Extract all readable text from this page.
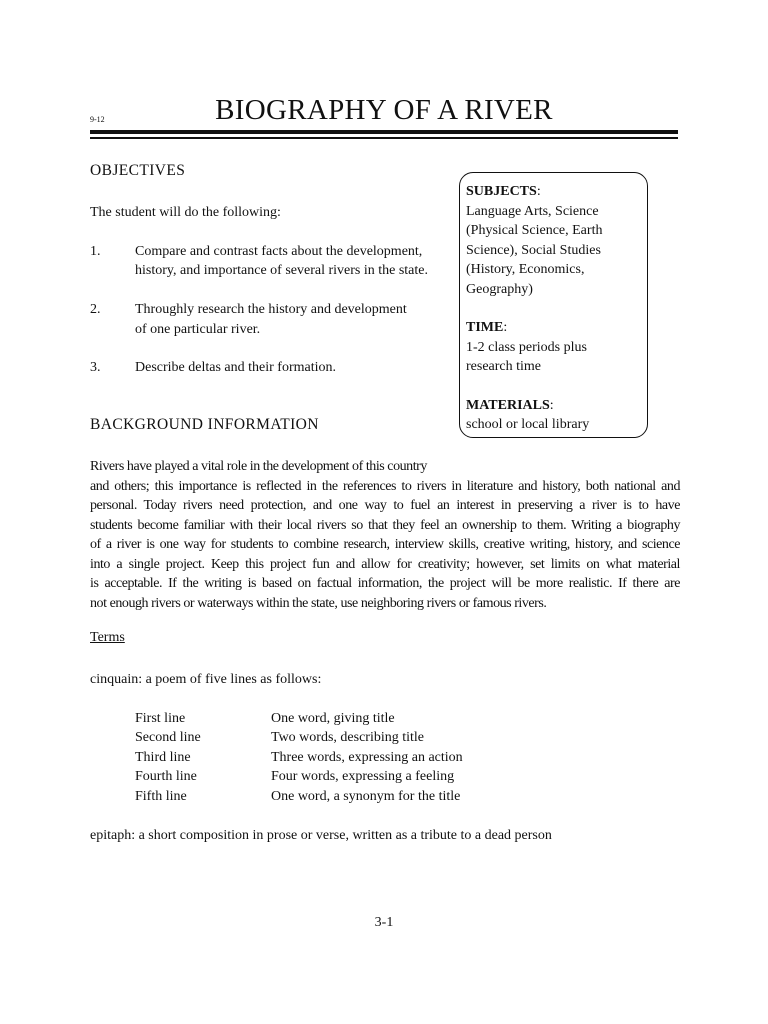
9-12	BIOGRAPHY OF A RIVER
OBJECTIVES
The student will do the following:
1. Compare and contrast facts about the development,
history, and importance of several rivers in the state.
2. Throughly research the history and development
of one particular river.
3. Describe deltas and their formation.
SUBJECTS:
Language Arts, Science
(Physical Science, Earth
Science), Social Studies
(History, Economics,
Geography)
TIME:
1-2 class periods plus
research time
MATERIALS:
school or local library
BACKGROUND INFORMATION
Rivers have played a vital role in the development of this country
and others; this importance is reflected in the references to rivers in literature and history, both national and
personal. Today rivers need protection, and one way to fuel an interest in preserving a river is to have
students become familiar with their local rivers so that they feel an ownership to them. Writing a biography
of a river is one way for students to combine research, interview skills, creative writing, history, and science
into a single project. Keep this project fun and allow for creativity; however, set limits on what material
is acceptable. If the writing is based on factual information, the project will be more realistic. If there are
not enough rivers or waterways within the state, use neighboring rivers or famous rivers.
Terms
cinquain: a poem of five lines as follows:
First line	One word, giving title
Second line	Two words, describing title
Third line	Three words, expressing an action
Fourth line	Four words, expressing a feeling
Fifth line	One word, a synonym for the title
epitaph: a short composition in prose or verse, written as a tribute to a dead person
3-1
